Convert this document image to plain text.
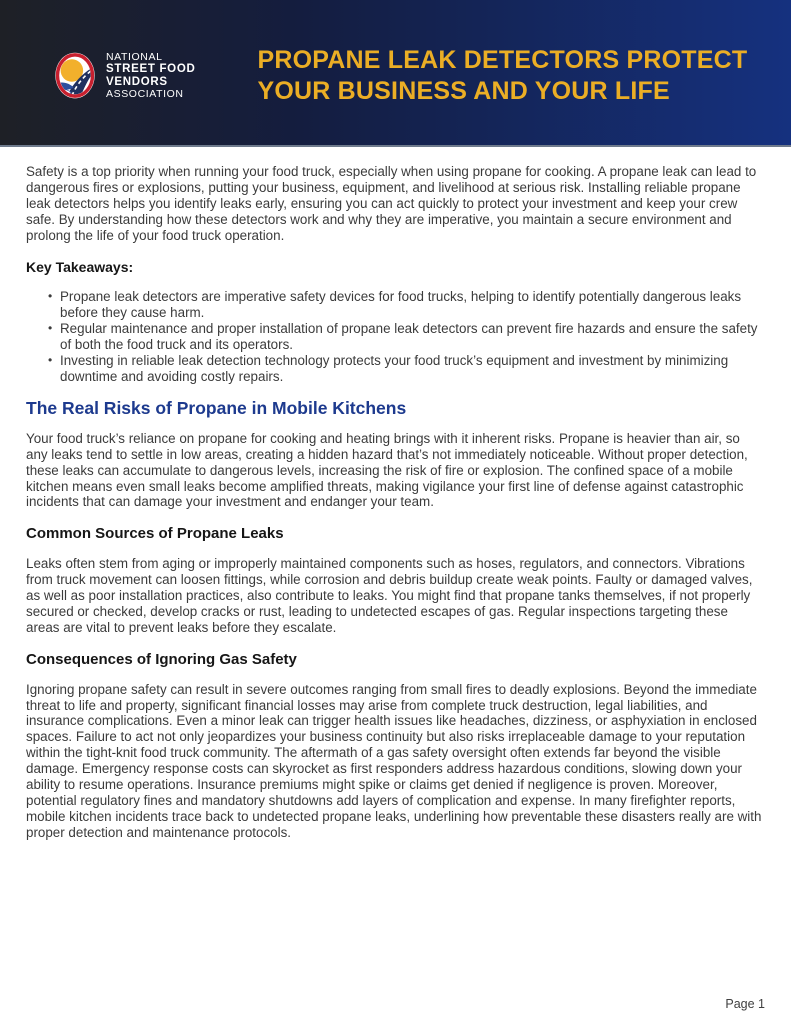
NATIONAL
STREET FOOD
VENDORS
ASSOCIATION
PROPANE LEAK DETECTORS PROTECT
YOUR BUSINESS AND YOUR LIFE

Safety is a top priority when running your food truck, especially when using propane for cooking. A propane leak can lead to dangerous fires or explosions, putting your business, equipment, and livelihood at serious risk. Installing reliable propane leak detectors helps you identify leaks early, ensuring you can act quickly to protect your investment and keep your crew safe. By understanding how these detectors work and why they are imperative, you maintain a secure environment and prolong the life of your food truck operation.

Key Takeaways:
• Propane leak detectors are imperative safety devices for food trucks, helping to identify potentially dangerous leaks before they cause harm.
• Regular maintenance and proper installation of propane leak detectors can prevent fire hazards and ensure the safety of both the food truck and its operators.
• Investing in reliable leak detection technology protects your food truck’s equipment and investment by minimizing downtime and avoiding costly repairs.
The Real Risks of Propane in Mobile Kitchens

Your food truck’s reliance on propane for cooking and heating brings with it inherent risks. Propane is heavier than air, so any leaks tend to settle in low areas, creating a hidden hazard that’s not immediately noticeable. Without proper detection, these leaks can accumulate to dangerous levels, increasing the risk of fire or explosion. The confined space of a mobile kitchen means even small leaks become amplified threats, making vigilance your first line of defense against catastrophic incidents that can damage your investment and endanger your team.

Common Sources of Propane Leaks

Leaks often stem from aging or improperly maintained components such as hoses, regulators, and connectors. Vibrations from truck movement can loosen fittings, while corrosion and debris buildup create weak points. Faulty or damaged valves, as well as poor installation practices, also contribute to leaks. You might find that propane tanks themselves, if not properly secured or checked, develop cracks or rust, leading to undetected escapes of gas. Regular inspections targeting these areas are vital to prevent leaks before they escalate.

Consequences of Ignoring Gas Safety

Ignoring propane safety can result in severe outcomes ranging from small fires to deadly explosions. Beyond the immediate threat to life and property, significant financial losses may arise from complete truck destruction, legal liabilities, and insurance complications. Even a minor leak can trigger health issues like headaches, dizziness, or asphyxiation in enclosed spaces. Failure to act not only jeopardizes your business continuity but also risks irreplaceable damage to your reputation within the tight-knit food truck community. The aftermath of a gas safety oversight often extends far beyond the visible damage. Emergency response costs can skyrocket as first responders address hazardous conditions, slowing down your ability to resume operations. Insurance premiums might spike or claims get denied if negligence is proven. Moreover, potential regulatory fines and mandatory shutdowns add layers of complication and expense. In many firefighter reports, mobile kitchen incidents trace back to undetected propane leaks, underlining how preventable these disasters really are with proper detection and maintenance protocols.

Page 1
